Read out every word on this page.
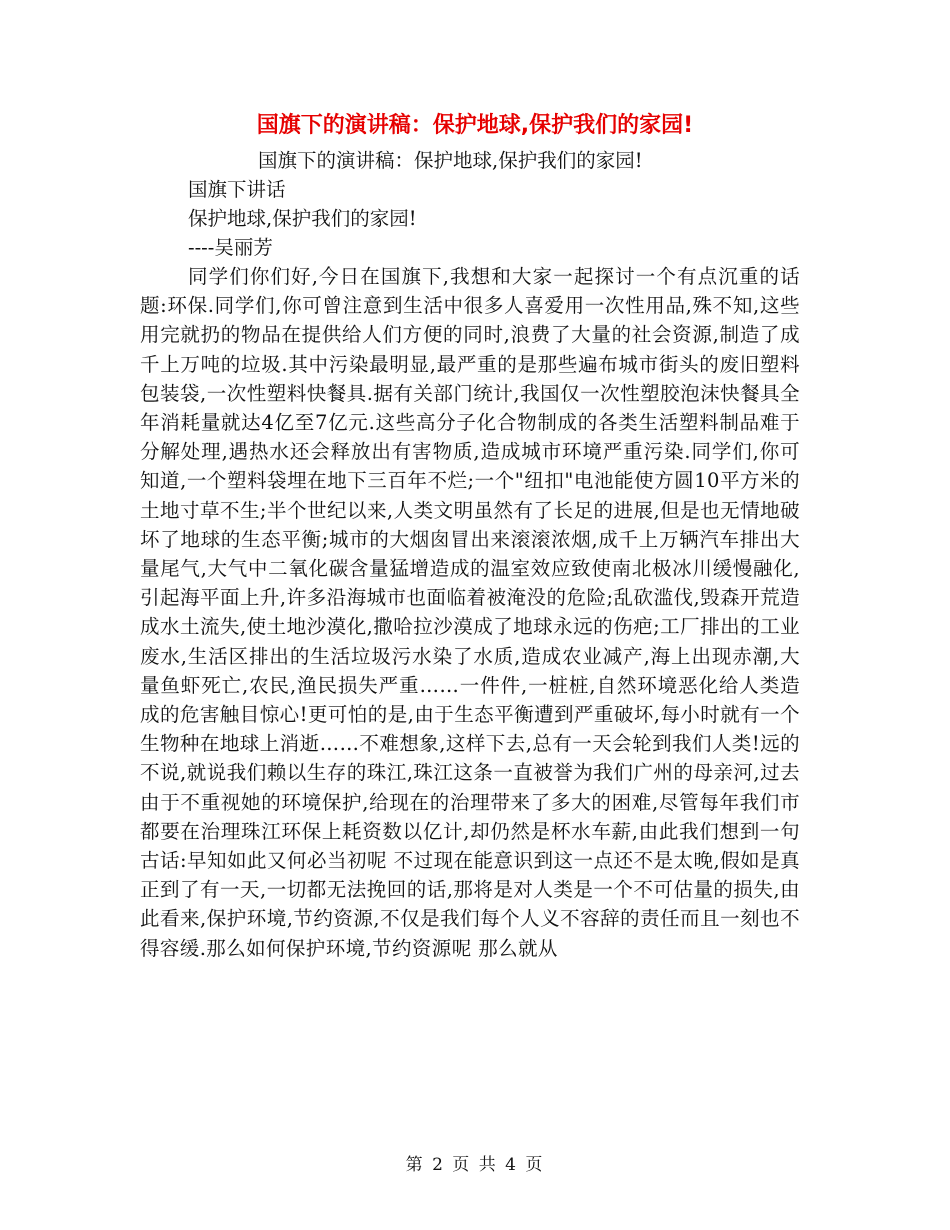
国旗下的演讲稿：保护地球,保护我们的家园!

国旗下的演讲稿：保护地球,保护我们的家园!

国旗下讲话

保护地球,保护我们的家园!

----吴丽芳

同学们你们好,今日在国旗下,我想和大家一起探讨一个有点沉重的话题:环保.同学们,你可曾注意到生活中很多人喜爱用一次性用品,殊不知,这些用完就扔的物品在提供给人们方便的同时,浪费了大量的社会资源,制造了成千上万吨的垃圾.其中污染最明显,最严重的是那些遍布城市街头的废旧塑料包装袋,一次性塑料快餐具.据有关部门统计,我国仅一次性塑胶泡沫快餐具全年消耗量就达4亿至7亿元.这些高分子化合物制成的各类生活塑料制品难于分解处理,遇热水还会释放出有害物质,造成城市环境严重污染.同学们,你可知道,一个塑料袋埋在地下三百年不烂;一个"纽扣"电池能使方圆10平方米的土地寸草不生;半个世纪以来,人类文明虽然有了长足的进展,但是也无情地破坏了地球的生态平衡;城市的大烟囱冒出来滚滚浓烟,成千上万辆汽车排出大量尾气,大气中二氧化碳含量猛增造成的温室效应致使南北极冰川缓慢融化,引起海平面上升,许多沿海城市也面临着被淹没的危险;乱砍滥伐,毁森开荒造成水土流失,使土地沙漠化,撒哈拉沙漠成了地球永远的伤疤;工厂排出的工业废水,生活区排出的生活垃圾污水染了水质,造成农业减产,海上出现赤潮,大量鱼虾死亡,农民,渔民损失严重……一件件,一桩桩,自然环境恶化给人类造成的危害触目惊心!更可怕的是,由于生态平衡遭到严重破坏,每小时就有一个生物种在地球上消逝……不难想象,这样下去,总有一天会轮到我们人类!远的不说,就说我们赖以生存的珠江,珠江这条一直被誉为我们广州的母亲河,过去由于不重视她的环境保护,给现在的治理带来了多大的困难,尽管每年我们市都要在治理珠江环保上耗资数以亿计,却仍然是杯水车薪,由此我们想到一句古话:早知如此又何必当初呢 不过现在能意识到这一点还不是太晚,假如是真正到了有一天,一切都无法挽回的话,那将是对人类是一个不可估量的损失,由此看来,保护环境,节约资源,不仅是我们每个人义不容辞的责任而且一刻也不得容缓.那么如何保护环境,节约资源呢 那么就从

第 2 页 共 4 页
